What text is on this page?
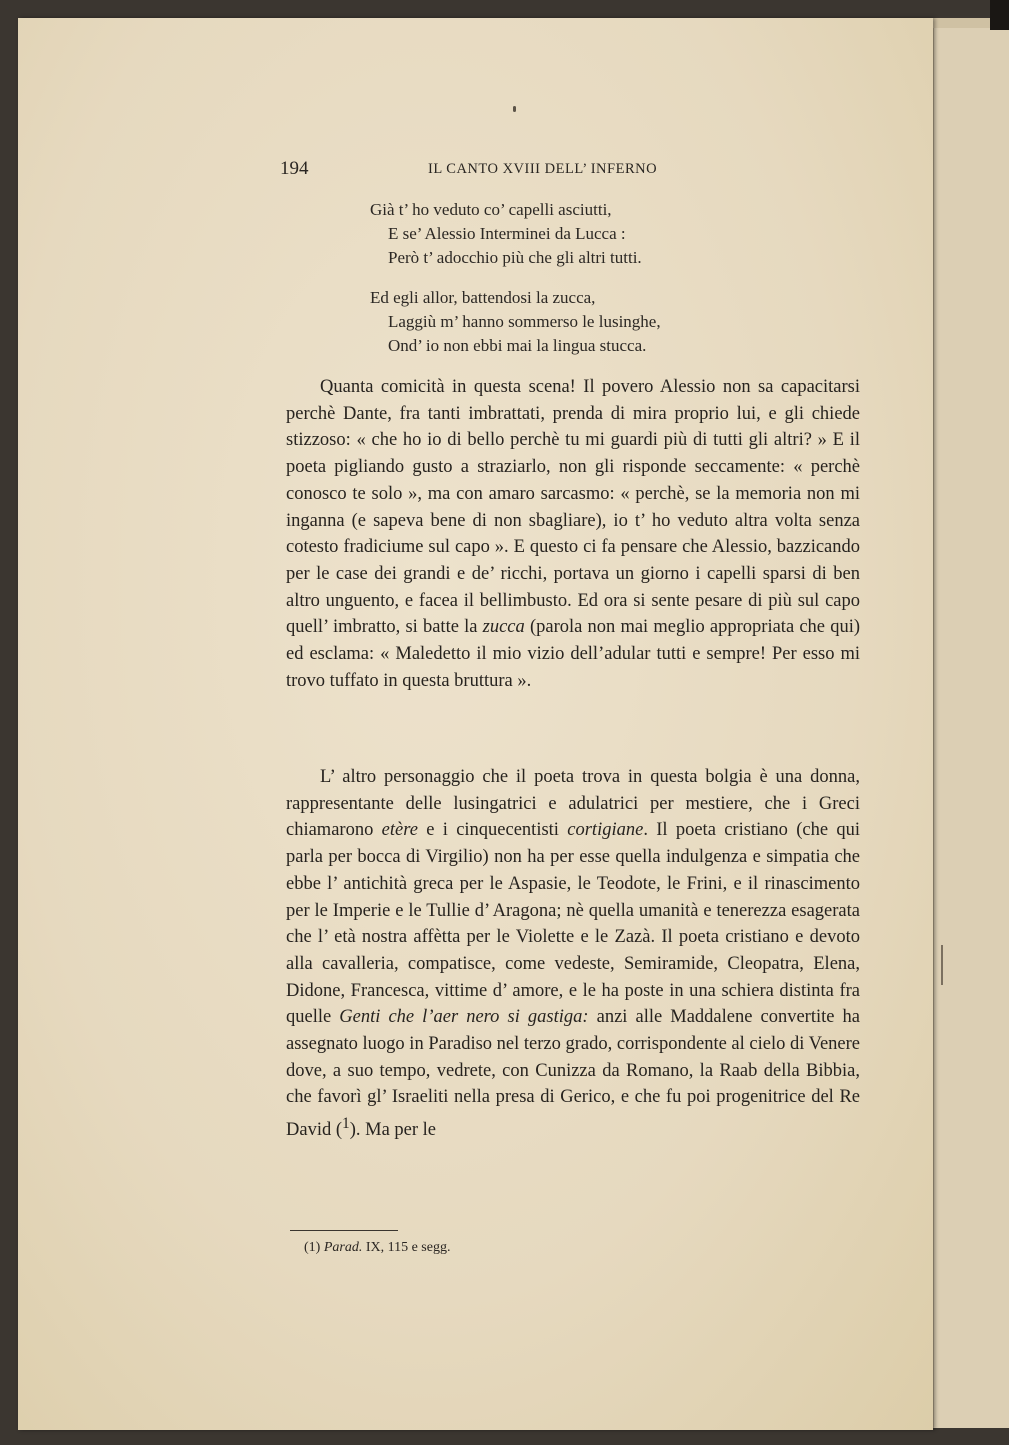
194	IL CANTO XVIII DELL’ INFERNO
Già t’ ho veduto co’ capelli asciutti,
E se’ Alessio Interminei da Lucca :
Però t’ adocchio più che gli altri tutti.
Ed egli allor, battendosi la zucca,
Laggiù m’ hanno sommerso le lusinghe,
Ond’ io non ebbi mai la lingua stucca.

Quanta comicità in questa scena! Il povero Alessio non sa capacitarsi perchè Dante, fra tanti imbrattati, prenda di mira proprio lui, e gli chiede stizzoso: « che ho io di bello perchè tu mi guardi più di tutti gli altri? » E il poeta pigliando gusto a straziarlo, non gli risponde seccamente: « perchè conosco te solo », ma con amaro sarcasmo: « perchè, se la memoria non mi inganna (e sapeva bene di non sbagliare), io t’ ho veduto altra volta senza cotesto fradiciume sul capo ». E questo ci fa pensare che Alessio, bazzicando per le case dei grandi e de’ ricchi, portava un giorno i capelli sparsi di ben altro unguento, e facea il bellimbusto. Ed ora si sente pesare di più sul capo quell’ imbratto, si batte la zucca (parola non mai meglio appropriata che qui) ed esclama: « Maledetto il mio vizio dell’adular tutti e sempre! Per esso mi trovo tuffato in questa bruttura ».

L’ altro personaggio che il poeta trova in questa bolgia è una donna, rappresentante delle lusingatrici e adulatrici per mestiere, che i Greci chiamarono etère e i cinquecentisti cortigiane. Il poeta cristiano (che qui parla per bocca di Virgilio) non ha per esse quella indulgenza e simpatia che ebbe l’ antichità greca per le Aspasie, le Teodote, le Frini, e il rinascimento per le Imperie e le Tullie d’ Aragona; nè quella umanità e tenerezza esagerata che l’ età nostra affètta per le Violette e le Zazà. Il poeta cristiano e devoto alla cavalleria, compatisce, come vedeste, Semiramide, Cleopatra, Elena, Didone, Francesca, vittime d’ amore, e le ha poste in una schiera distinta fra quelle Genti che l’aer nero si gastiga: anzi alle Maddalene convertite ha assegnato luogo in Paradiso nel terzo grado, corrispondente al cielo di Venere dove, a suo tempo, vedrete, con Cunizza da Romano, la Raab della Bibbia, che favorì gl’ Israeliti nella presa di Gerico, e che fu poi progenitrice del Re David ($^1$). Ma per le

(1) Parad. IX, 115 e segg.
